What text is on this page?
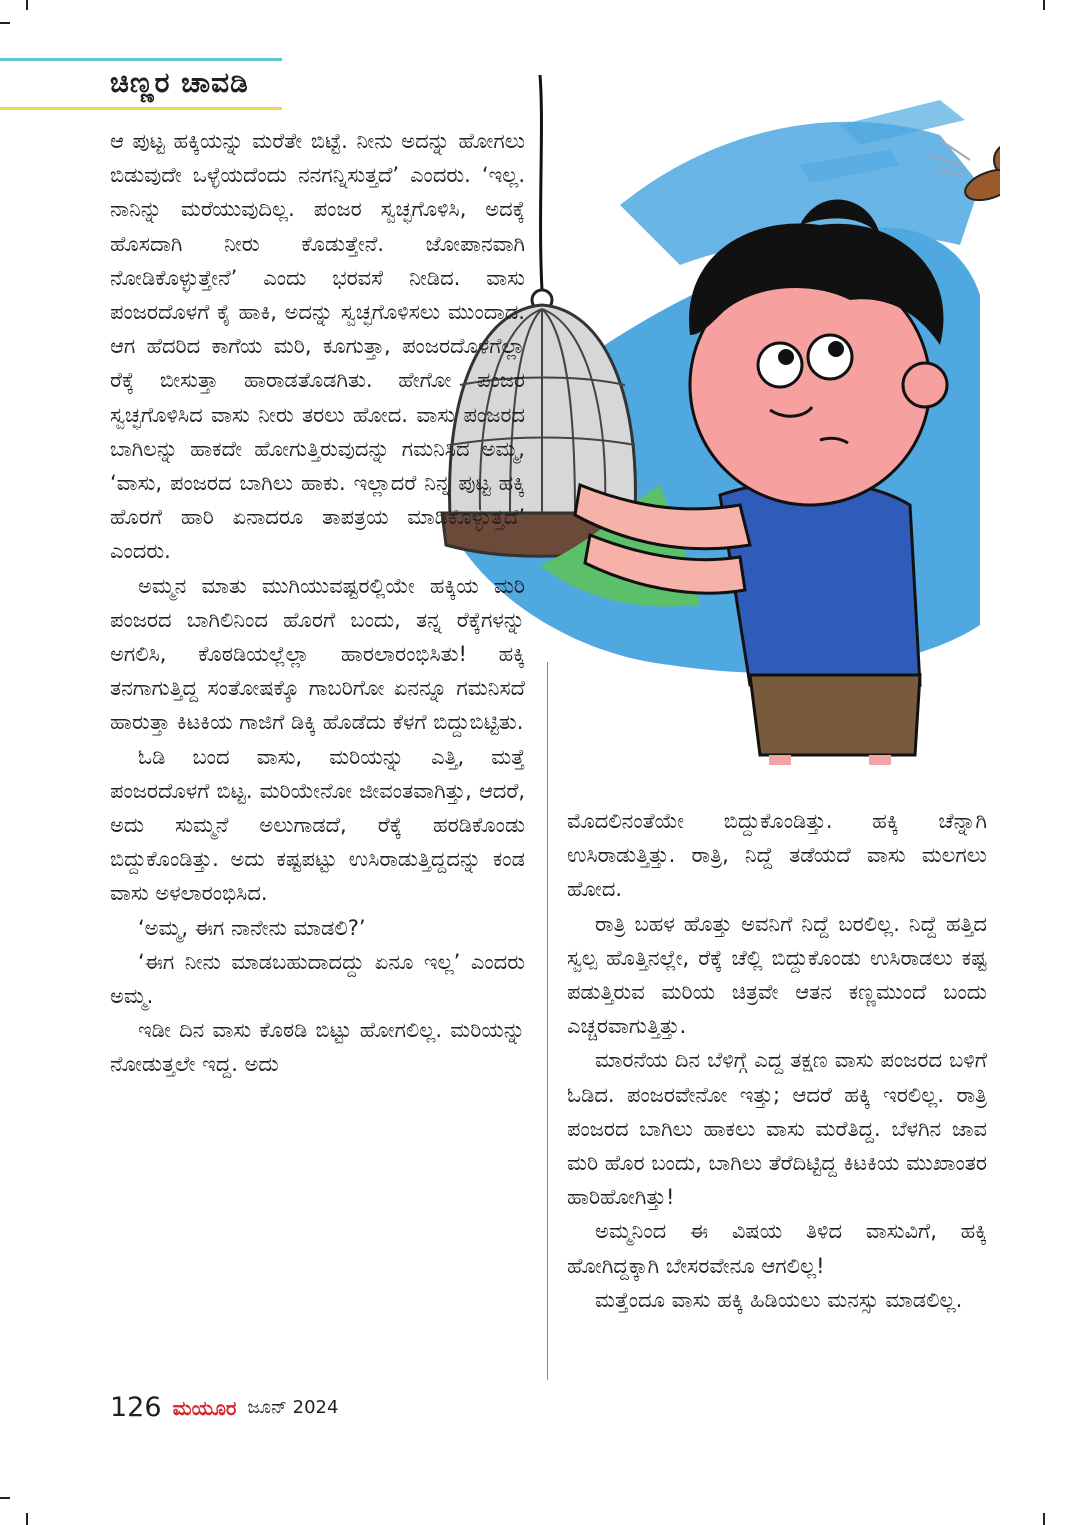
ಚಿಣ್ಣರ ಚಾವಡಿ

ಆ ಪುಟ್ಟ ಹಕ್ಕಿಯನ್ನು ಮರೆತೇ ಬಿಟ್ಟೆ. ನೀನು ಅದನ್ನು ಹೋಗಲು ಬಿಡುವುದೇ ಒಳ್ಳೆಯದೆಂದು ನನಗನ್ನಿಸುತ್ತದೆ’ ಎಂದರು. ‘ಇಲ್ಲ. ನಾನಿನ್ನು ಮರೆಯುವುದಿಲ್ಲ. ಪಂಜರ ಸ್ವಚ್ಛಗೊಳಿಸಿ, ಅದಕ್ಕೆ ಹೊಸದಾಗಿ ನೀರು ಕೊಡುತ್ತೇನೆ. ಜೋಪಾನವಾಗಿ ನೋಡಿಕೊಳ್ಳುತ್ತೇನೆ’ ಎಂದು ಭರವಸೆ ನೀಡಿದ. ವಾಸು ಪಂಜರದೊಳಗೆ ಕೈ ಹಾಕಿ, ಅದನ್ನು ಸ್ವಚ್ಛಗೊಳಿಸಲು ಮುಂದಾದ. ಆಗ ಹೆದರಿದ ಕಾಗೆಯ ಮರಿ, ಕೂಗುತ್ತಾ, ಪಂಜರದೊಳಗೆಲ್ಲಾ ರೆಕ್ಕೆ ಬೀಸುತ್ತಾ ಹಾರಾಡತೊಡಗಿತು. ಹೇಗೋ ಪಂಜರ ಸ್ವಚ್ಛಗೊಳಿಸಿದ ವಾಸು ನೀರು ತರಲು ಹೋದ. ವಾಸು ಪಂಜರದ ಬಾಗಿಲನ್ನು ಹಾಕದೇ ಹೋಗುತ್ತಿರುವುದನ್ನು ಗಮನಿಸಿದ ಅಮ್ಮ, ‘ವಾಸು, ಪಂಜರದ ಬಾಗಿಲು ಹಾಕು. ಇಲ್ಲಾದರೆ ನಿನ್ನ ಪುಟ್ಟ ಹಕ್ಕಿ ಹೊರಗೆ ಹಾರಿ ಏನಾದರೂ ತಾಪತ್ರಯ ಮಾಡಿಕೊಳ್ಳುತ್ತದೆ’ ಎಂದರು.

ಅಮ್ಮನ ಮಾತು ಮುಗಿಯುವಷ್ಟರಲ್ಲಿಯೇ ಹಕ್ಕಿಯ ಮರಿ ಪಂಜರದ ಬಾಗಿಲಿನಿಂದ ಹೊರಗೆ ಬಂದು, ತನ್ನ ರೆಕ್ಕೆಗಳನ್ನು ಅಗಲಿಸಿ, ಕೊಠಡಿಯಲ್ಲೆಲ್ಲಾ ಹಾರಲಾರಂಭಿಸಿತು! ಹಕ್ಕಿ ತನಗಾಗುತ್ತಿದ್ದ ಸಂತೋಷಕ್ಕೊ ಗಾಬರಿಗೋ ಏನನ್ನೂ ಗಮನಿಸದೆ ಹಾರುತ್ತಾ ಕಿಟಕಿಯ ಗಾಜಿಗೆ ಡಿಕ್ಕಿ ಹೊಡೆದು ಕೆಳಗೆ ಬಿದ್ದುಬಿಟ್ಟಿತು.

ಓಡಿ ಬಂದ ವಾಸು, ಮರಿಯನ್ನು ಎತ್ತಿ, ಮತ್ತೆ ಪಂಜರದೊಳಗೆ ಬಿಟ್ಟ. ಮರಿಯೇನೋ ಜೀವಂತವಾಗಿತ್ತು, ಆದರೆ, ಅದು ಸುಮ್ಮನೆ ಅಲುಗಾಡದೆ, ರೆಕ್ಕೆ ಹರಡಿಕೊಂಡು ಬಿದ್ದುಕೊಂಡಿತ್ತು. ಅದು ಕಷ್ಟಪಟ್ಟು ಉಸಿರಾಡುತ್ತಿದ್ದದನ್ನು ಕಂಡ ವಾಸು ಅಳಲಾರಂಭಿಸಿದ.

‘ಅಮ್ಮ, ಈಗ ನಾನೇನು ಮಾಡಲಿ?’

‘ಈಗ ನೀನು ಮಾಡಬಹುದಾದದ್ದು ಏನೂ ಇಲ್ಲ’ ಎಂದರು ಅಮ್ಮ.

ಇಡೀ ದಿನ ವಾಸು ಕೊಠಡಿ ಬಿಟ್ಟು ಹೋಗಲಿಲ್ಲ. ಮರಿಯನ್ನು ನೋಡುತ್ತಲೇ ಇದ್ದ. ಅದು

ಮೊದಲಿನಂತೆಯೇ ಬಿದ್ದುಕೊಂಡಿತ್ತು. ಹಕ್ಕಿ ಚೆನ್ನಾಗಿ ಉಸಿರಾಡುತ್ತಿತ್ತು. ರಾತ್ರಿ, ನಿದ್ದೆ ತಡೆಯದೆ ವಾಸು ಮಲಗಲು ಹೋದ.

ರಾತ್ರಿ ಬಹಳ ಹೊತ್ತು ಅವನಿಗೆ ನಿದ್ದೆ ಬರಲಿಲ್ಲ. ನಿದ್ದೆ ಹತ್ತಿದ ಸ್ವಲ್ಪ ಹೊತ್ತಿನಲ್ಲೇ, ರೆಕ್ಕೆ ಚೆಲ್ಲಿ ಬಿದ್ದುಕೊಂಡು ಉಸಿರಾಡಲು ಕಷ್ಟ ಪಡುತ್ತಿರುವ ಮರಿಯ ಚಿತ್ರವೇ ಆತನ ಕಣ್ಣಮುಂದೆ ಬಂದು ಎಚ್ಚರವಾಗುತ್ತಿತ್ತು.

ಮಾರನೆಯ ದಿನ ಬೆಳಿಗ್ಗೆ ಎದ್ದ ತಕ್ಷಣ ವಾಸು ಪಂಜರದ ಬಳಿಗೆ ಓಡಿದ. ಪಂಜರವೇನೋ ಇತ್ತು; ಆದರೆ ಹಕ್ಕಿ ಇರಲಿಲ್ಲ. ರಾತ್ರಿ ಪಂಜರದ ಬಾಗಿಲು ಹಾಕಲು ವಾಸು ಮರೆತಿದ್ದ. ಬೆಳಗಿನ ಜಾವ ಮರಿ ಹೊರ ಬಂದು, ಬಾಗಿಲು ತೆರೆದಿಟ್ಟಿದ್ದ ಕಿಟಕಿಯ ಮುಖಾಂತರ ಹಾರಿಹೋಗಿತ್ತು!

ಅಮ್ಮನಿಂದ ಈ ವಿಷಯ ತಿಳಿದ ವಾಸುವಿಗೆ, ಹಕ್ಕಿ ಹೋಗಿದ್ದಕ್ಕಾಗಿ ಬೇಸರವೇನೂ ಆಗಲಿಲ್ಲ!

ಮತ್ತೆಂದೂ ವಾಸು ಹಕ್ಕಿ ಹಿಡಿಯಲು ಮನಸ್ಸು ಮಾಡಲಿಲ್ಲ.

126 ಮಯೂರ ಜೂನ್ 2024
